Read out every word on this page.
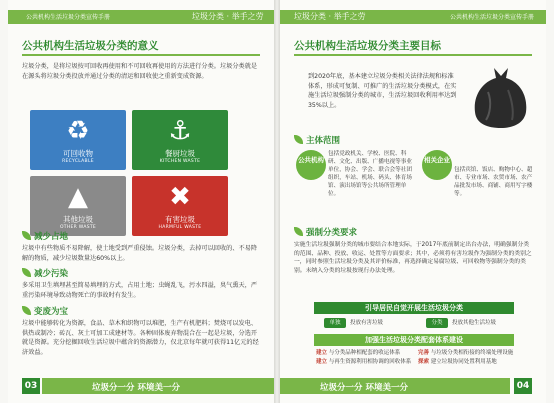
公共机构生活垃圾分类宣传手册	垃圾分类 · 举手之劳
公共机构生活垃圾分类的意义
垃圾分类，是将垃圾按可回收再使用和不可回收再使用的方法进行分类。垃圾分类就是在源头将垃圾分类投放并通过分类的清运和回收使之重新变成资源。
♻
可回收物
RECYCLABLE
⚓
餐厨垃圾
KITCHEN WASTE
▲
其他垃圾
OTHER WASTE
✖
有害垃圾
HARMFUL WASTE
减少占地
垃圾中有些物质不易降解，使土地受到严重侵蚀。垃圾分类，去掉可以回收的、不易降解的物质，减少垃圾数量达60%以上。
减少污染
多采用卫生填埋甚至简易填埋的方式，占用土地；虫蝇乱飞，污水四溢，臭气熏天，严重污染环境导致动物死亡的事故时有发生。
变废为宝
垃圾中能够转化为资源，食品、草木和织物可以堆肥，生产有机肥料；焚烧可以发电、供热或制冷；砖瓦、灰土可加工成建材等。各种固体废弃物混合在一起是垃圾，分选开就是资源。充分挖掘回收生活垃圾中蕴含的资源潜力，仅北京每年就可获得11亿元的经济效益。
03	垃圾分一分 环境美一分
垃圾分类 · 举手之劳	公共机构生活垃圾分类宣传手册
公共机构生活垃圾分类主要目标
到2020年底，基本建立垃圾分类相关法律法规和标准体系，形成可复制、可推广的生活垃圾分类模式，在实施生活垃圾强制分类的城市，生活垃圾回收利用率达到35%以上。
主体范围
公共机构
包括党政机关、学校、医院、科研、文化、出版、广播电视等事业单位，协会、学会、联合会等社团组织，车站、机场、码头、体育场馆、演出场馆等公共场所管理单位。
相关企业
包括宾馆、饭店、购物中心、超市、专业市场、农贸市场、农产品批发市场、商铺、商用写字楼等。
强制分类要求
实施生活垃圾强制分类的城市要结合本地实际，于2017年底前制定出台办法，明确强制分类的范围、品种、投放、收运、处置等方面要求；其中，必须将有害垃圾作为强制分类的类别之一，同时参照生活垃圾分类及其评价标准，再选择确定易腐垃圾、可回收物等强制分类的类别。未纳入分类的垃圾按现行办法处理。
引导居民自觉开展生活垃圾分类
单独	投放有害垃圾	分类	投放其他生活垃圾
加强生活垃圾分类配套体系建设
建立 与分类品种相配套的收运体系	完善 与垃圾分类相衔接的终端处理设施
建立 与再生资源利用相协调的回收体系 探索 建立垃圾协同处置利用基地
垃圾分一分 环境美一分	04
